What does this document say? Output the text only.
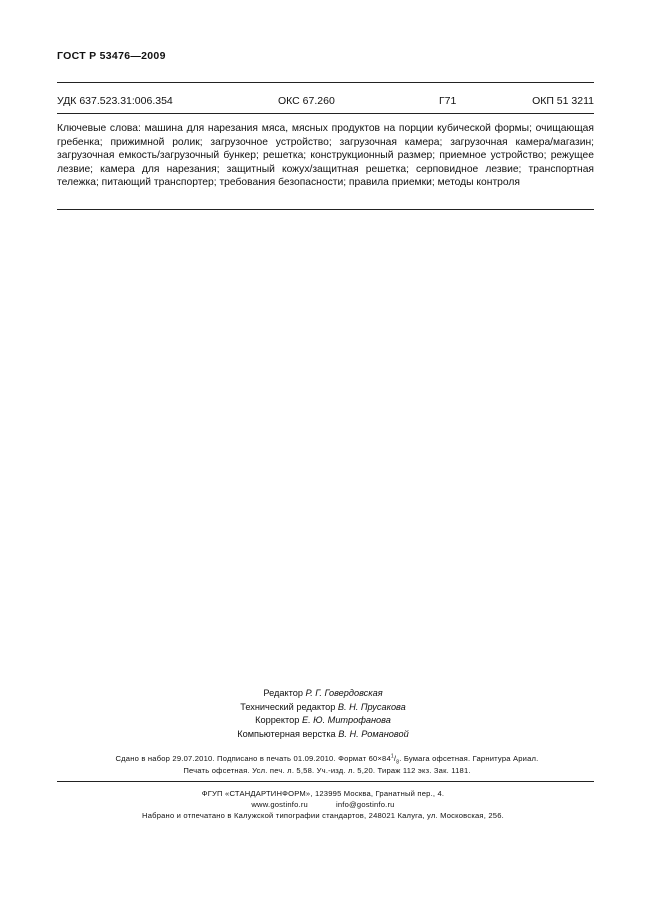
ГОСТ Р 53476—2009
УДК 637.523.31:006.354	ОКС 67.260	Г71	ОКП 51 3211
Ключевые слова: машина для нарезания мяса, мясных продуктов на порции кубической формы; очищающая гребенка; прижимной ролик; загрузочное устройство; загрузочная камера; загрузочная камера/магазин; загрузочная емкость/загрузочный бункер; решетка; конструкционный размер; приемное устройство; режущее лезвие; камера для нарезания; защитный кожух/защитная решетка; серповидное лезвие; транспортная тележка; питающий транспортер; требования безопасности; правила приемки; методы контроля
Редактор Р. Г. Говердовская
Технический редактор В. Н. Прусакова
Корректор Е. Ю. Митрофанова
Компьютерная верстка В. Н. Романовой
Сдано в набор 29.07.2010. Подписано в печать 01.09.2010. Формат $60\times 84^1/_8$. Бумага офсетная. Гарнитура Ариал.
Печать офсетная. Усл. печ. л. 5,58. Уч.-изд. л. 5,20. Тираж 112 экз. Зак. 1181.
ФГУП «СТАНДАРТИНФОРМ», 123995 Москва, Гранатный пер., 4.
www.gostinfo.ru	info@gostinfo.ru
Набрано и отпечатано в Калужской типографии стандартов, 248021 Калуга, ул. Московская, 256.
